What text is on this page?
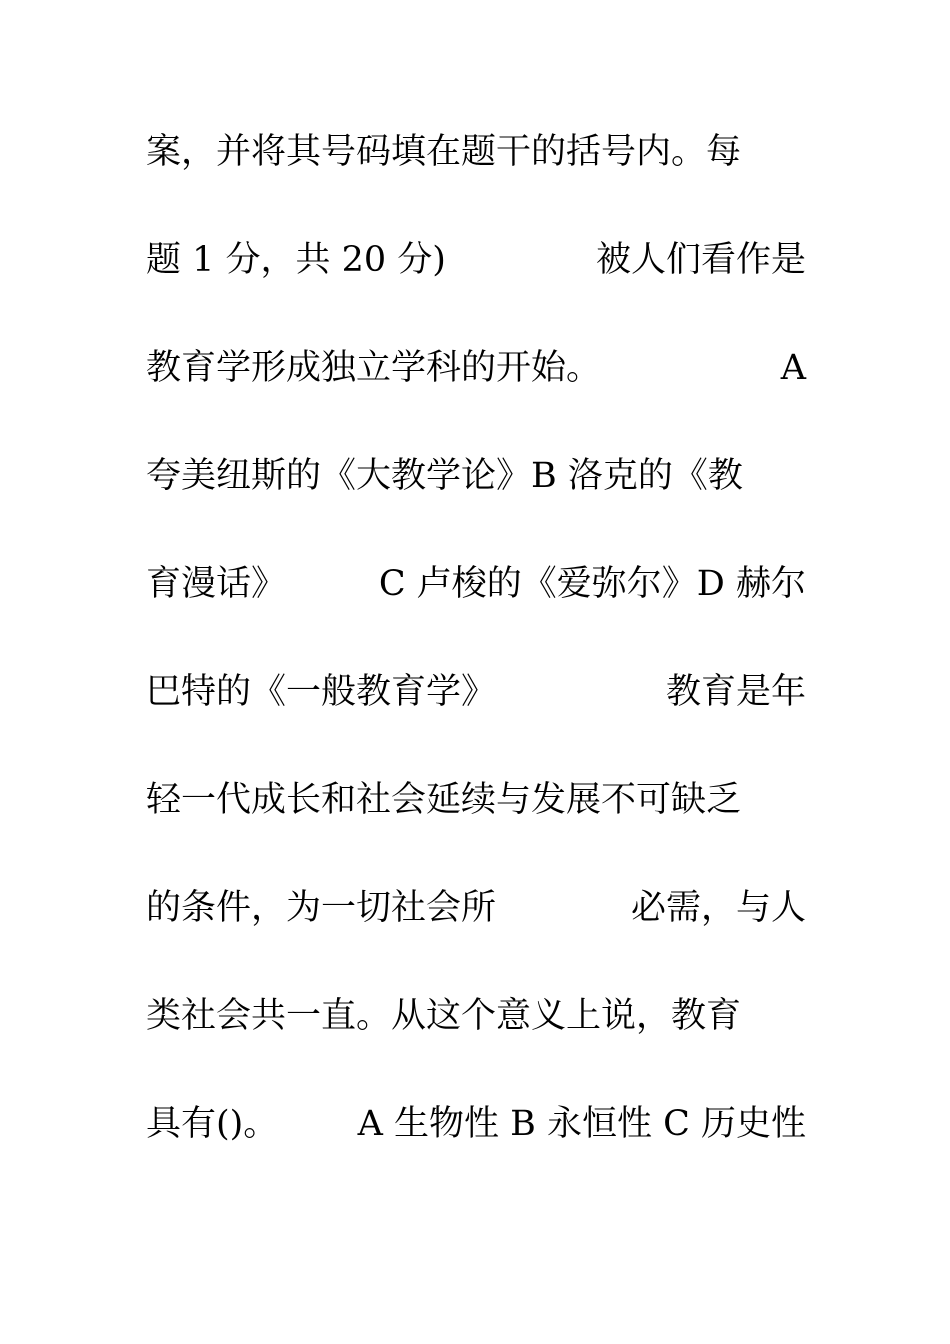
案，并将其号码填在题干的括号内。每
题 1 分，共 20 分)	被人们看作是
教育学形成独立学科的开始。	A
夸美纽斯的《大教学论》B 洛克的《教
育漫话》	C 卢梭的《爱弥尔》D 赫尔
巴特的《一般教育学》	教育是年
轻一代成长和社会延续与发展不可缺乏
的条件，为一切社会所	必需，与人
类社会共一直。从这个意义上说，教育
具有()。 A 生物性 B 永恒性 C 历史性
